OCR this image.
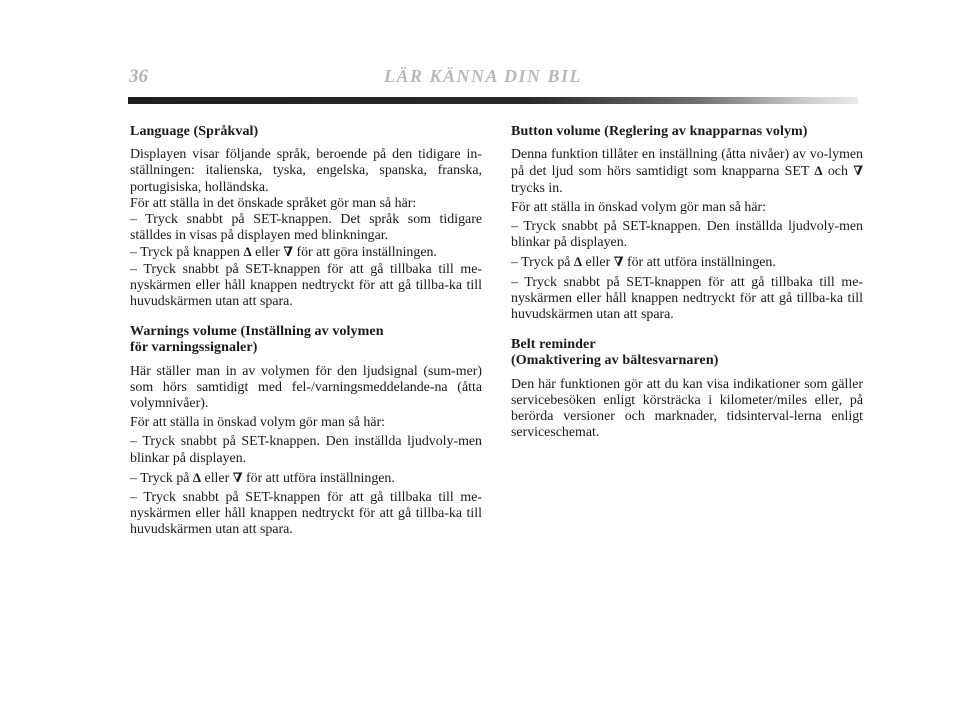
36	LÄR KÄNNA DIN BIL
Language (Språkval)

Displayen visar följande språk, beroende på den tidigare in-ställningen: italienska, tyska, engelska, spanska, franska, portugisiska, holländska.

För att ställa in det önskade språket gör man så här:

– Tryck snabbt på SET-knappen. Det språk som tidigare ställdes in visas på displayen med blinkningar.

– Tryck på knappen Δ eller ∇ för att göra inställningen.

– Tryck snabbt på SET-knappen för att gå tillbaka till me-nyskärmen eller håll knappen nedtryckt för att gå tillba-ka till huvudskärmen utan att spara.

Warnings volume (Inställning av volymen
för varningssignaler)

Här ställer man in av volymen för den ljudsignal (sum-mer) som hörs samtidigt med fel-/varningsmeddelande-na (åtta volymnivåer).

För att ställa in önskad volym gör man så här:

– Tryck snabbt på SET-knappen. Den inställda ljudvoly-men blinkar på displayen.

– Tryck på Δ eller ∇ för att utföra inställningen.

– Tryck snabbt på SET-knappen för att gå tillbaka till me-nyskärmen eller håll knappen nedtryckt för att gå tillba-ka till huvudskärmen utan att spara.

Button volume (Reglering av knapparnas volym)

Denna funktion tillåter en inställning (åtta nivåer) av vo-lymen på det ljud som hörs samtidigt som knapparna SET Δ och ∇ trycks in.

För att ställa in önskad volym gör man så här:

– Tryck snabbt på SET-knappen. Den inställda ljudvoly-men blinkar på displayen.

– Tryck på Δ eller ∇ för att utföra inställningen.

– Tryck snabbt på SET-knappen för att gå tillbaka till me-nyskärmen eller håll knappen nedtryckt för att gå tillba-ka till huvudskärmen utan att spara.

Belt reminder
(Omaktivering av bältesvarnaren)

Den här funktionen gör att du kan visa indikationer som gäller servicebesöken enligt körsträcka i kilometer/miles eller, på berörda versioner och marknader, tidsinterval-lerna enligt serviceschemat.
